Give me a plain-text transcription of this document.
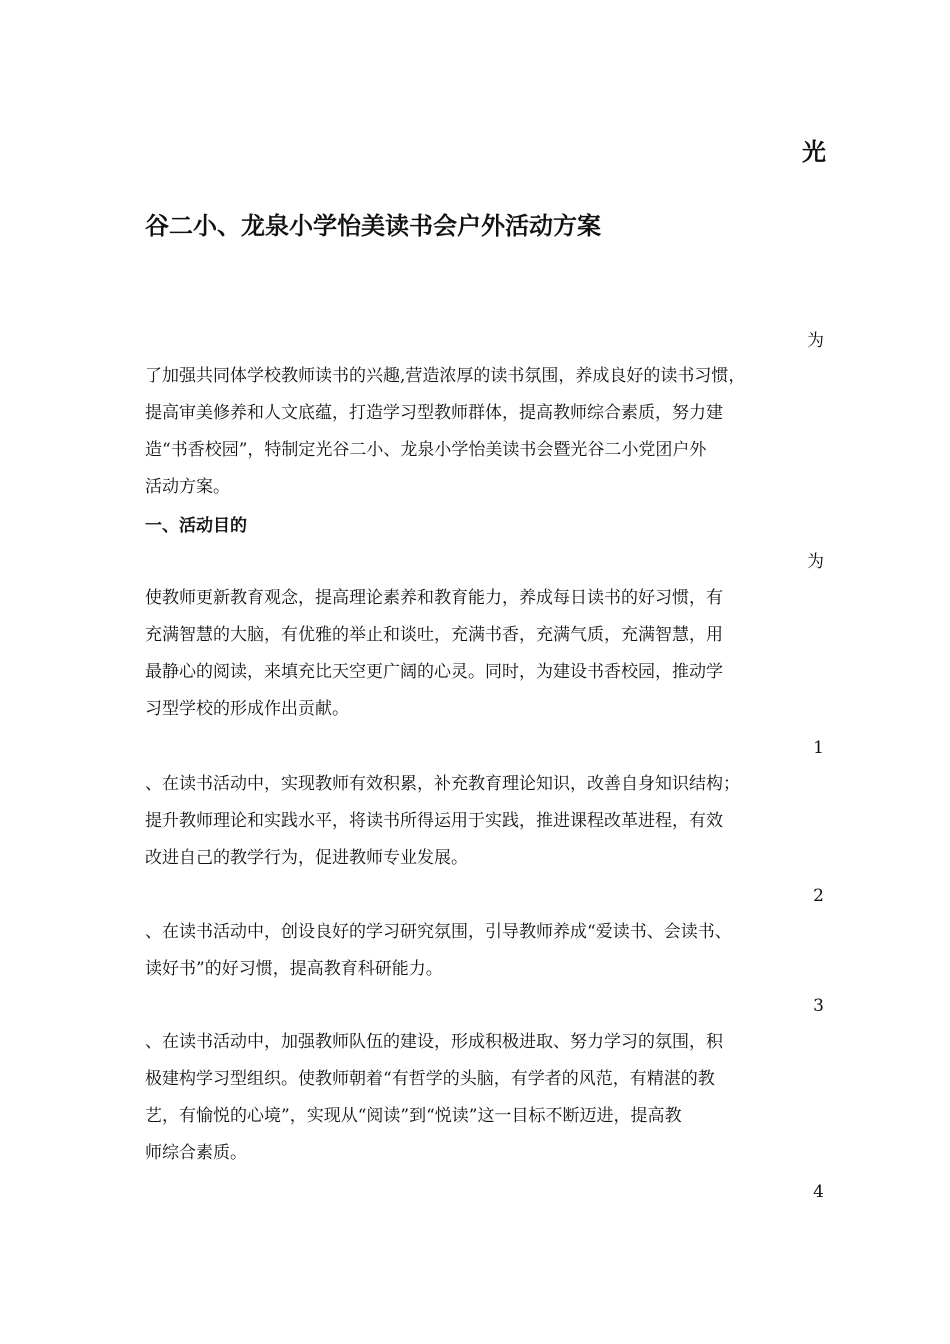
光
谷二小、龙泉小学怡美读书会户外活动方案
为
了加强共同体学校教师读书的兴趣,营造浓厚的读书氛围，养成良好的读书习惯，
提高审美修养和人文底蕴，打造学习型教师群体，提高教师综合素质，努力建
造“书香校园”，特制定光谷二小、龙泉小学怡美读书会暨光谷二小党团户外
活动方案。
一、活动目的
为
使教师更新教育观念，提高理论素养和教育能力，养成每日读书的好习惯，有
充满智慧的大脑，有优雅的举止和谈吐，充满书香，充满气质，充满智慧，用
最静心的阅读，来填充比天空更广阔的心灵。同时，为建设书香校园，推动学
习型学校的形成作出贡献。
1
、在读书活动中，实现教师有效积累，补充教育理论知识，改善自身知识结构；
提升教师理论和实践水平，将读书所得运用于实践，推进课程改革进程，有效
改进自己的教学行为，促进教师专业发展。
2
、在读书活动中，创设良好的学习研究氛围，引导教师养成“爱读书、会读书、
读好书”的好习惯，提高教育科研能力。
3
、在读书活动中，加强教师队伍的建设，形成积极进取、努力学习的氛围，积
极建构学习型组织。使教师朝着“有哲学的头脑，有学者的风范，有精湛的教
艺，有愉悦的心境”，实现从“阅读”到“悦读”这一目标不断迈进，提高教
师综合素质。
4
